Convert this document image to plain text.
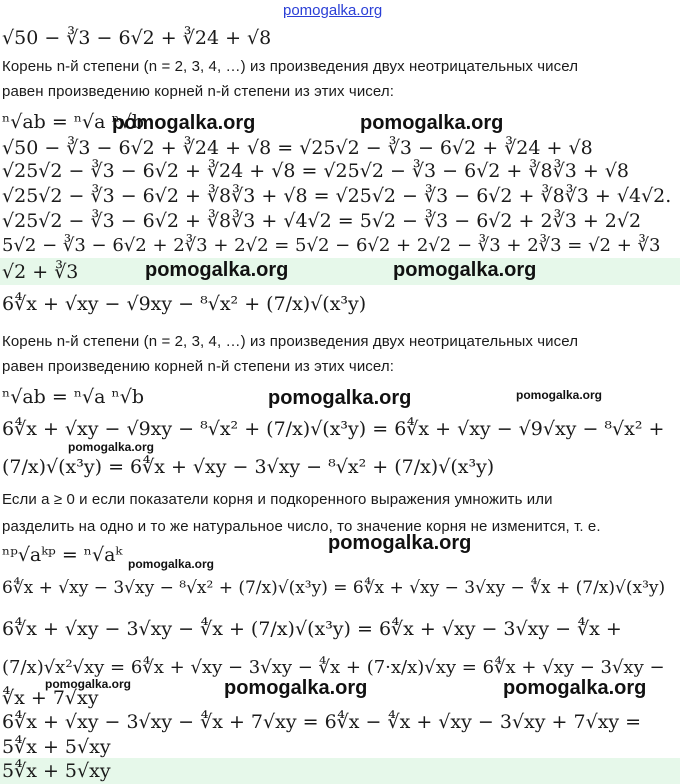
pomogalka.org
√50 − ∛3 − 6√2 + ∛24 + √8
Корень n-й степени (n = 2, 3, 4, …) из произведения двух неотрицательных чисел
равен произведению корней n-й степени из этих чисел:
ⁿ√ab = ⁿ√a ⁿ√b
√50 − ∛3 − 6√2 + ∛24 + √8 = √25√2 − ∛3 − 6√2 + ∛24 + √8
√25√2 − ∛3 − 6√2 + ∛24 + √8 = √25√2 − ∛3 − 6√2 + ∛8∛3 + √8
√25√2 − ∛3 − 6√2 + ∛8∛3 + √8 = √25√2 − ∛3 − 6√2 + ∛8∛3 + √4√2.
√25√2 − ∛3 − 6√2 + ∛8∛3 + √4√2 = 5√2 − ∛3 − 6√2 + 2∛3 + 2√2
5√2 − ∛3 − 6√2 + 2∛3 + 2√2 = 5√2 − 6√2 + 2√2 − ∛3 + 2∛3 = √2 + ∛3
√2 + ∛3
6∜x + √xy − √9xy − ⁸√x² + (7/x)√(x³y)
Корень n-й степени (n = 2, 3, 4, …) из произведения двух неотрицательных чисел
равен произведению корней n-й степени из этих чисел:
ⁿ√ab = ⁿ√a ⁿ√b
6∜x + √xy − √9xy − ⁸√x² + (7/x)√(x³y) = 6∜x + √xy − √9√xy − ⁸√x² +
(7/x)√(x³y) = 6∜x + √xy − 3√xy − ⁸√x² + (7/x)√(x³y)
Если a ≥ 0 и если показатели корня и подкоренного выражения умножить или
разделить на одно и то же натуральное число, то значение корня не изменится, т. е.
ⁿᵖ√aᵏᵖ = ⁿ√aᵏ
6∜x + √xy − 3√xy − ⁸√x² + (7/x)√(x³y) = 6∜x + √xy − 3√xy − ∜x + (7/x)√(x³y)
6∜x + √xy − 3√xy − ∜x + (7/x)√(x³y) = 6∜x + √xy − 3√xy − ∜x +
(7/x)√x²√xy = 6∜x + √xy − 3√xy − ∜x + (7·x/x)√xy = 6∜x + √xy − 3√xy −
∜x + 7√xy
6∜x + √xy − 3√xy − ∜x + 7√xy = 6∜x − ∜x + √xy − 3√xy + 7√xy =
5∜x + 5√xy
5∜x + 5√xy
pomogalka.org	pomogalka.org
pomogalka.org	pomogalka.org
pomogalka.org	pomogalka.org
pomogalka.org
pomogalka.org
pomogalka.org
pomogalka.org	pomogalka.org	pomogalka.org
